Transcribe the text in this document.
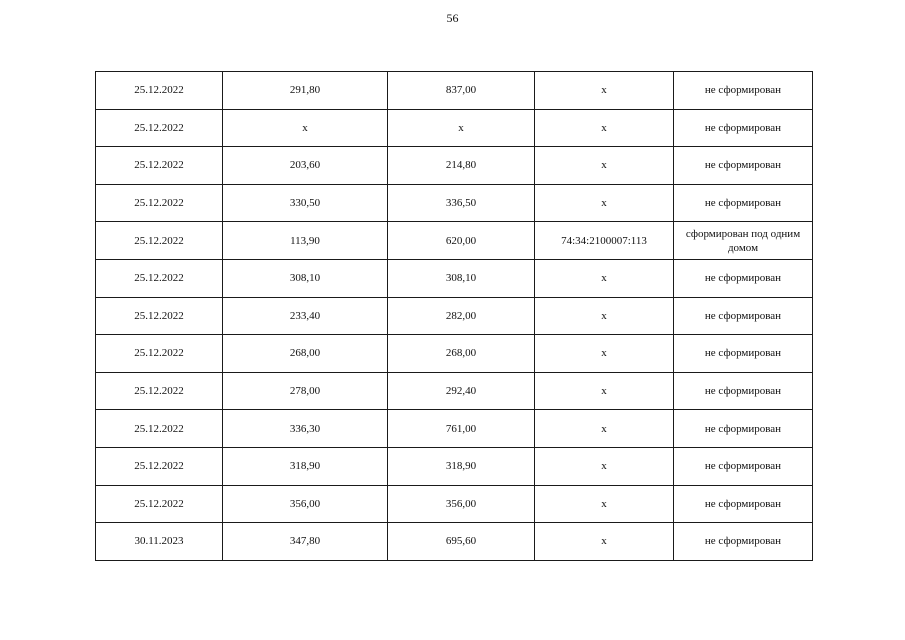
56
25.12.2022	291,80	837,00	x	не сформирован
25.12.2022	x	x	x	не сформирован
25.12.2022	203,60	214,80	x	не сформирован
25.12.2022	330,50	336,50	x	не сформирован
25.12.2022	113,90	620,00	74:34:2100007:113	сформирован под одним домом
25.12.2022	308,10	308,10	x	не сформирован
25.12.2022	233,40	282,00	x	не сформирован
25.12.2022	268,00	268,00	x	не сформирован
25.12.2022	278,00	292,40	x	не сформирован
25.12.2022	336,30	761,00	x	не сформирован
25.12.2022	318,90	318,90	x	не сформирован
25.12.2022	356,00	356,00	x	не сформирован
30.11.2023	347,80	695,60	x	не сформирован
